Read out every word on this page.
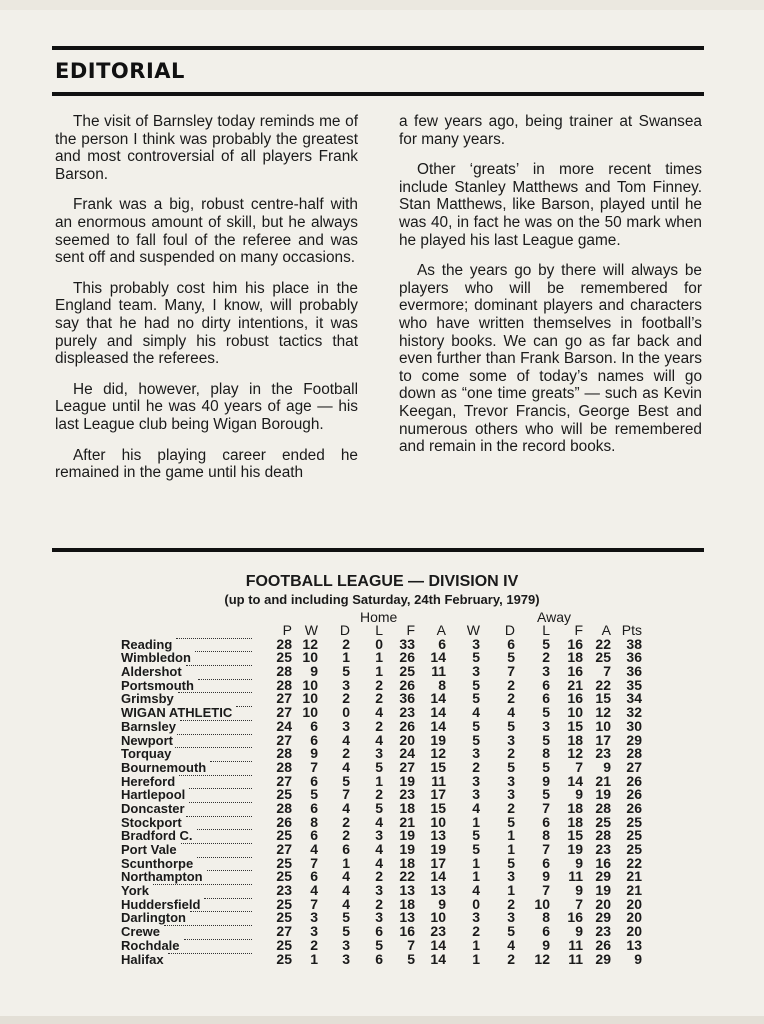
EDITORIAL

The visit of Barnsley today reminds me of the person I think was probably the greatest and most controversial of all players Frank Barson.

Frank was a big, robust centre-half with an enormous amount of skill, but he always seemed to fall foul of the referee and was sent off and suspended on many occasions.

This probably cost him his place in the England team. Many, I know, will probably say that he had no dirty intentions, it was purely and simply his robust tactics that displeased the referees.

He did, however, play in the Football League until he was 40 years of age — his last League club being Wigan Borough.

After his playing career ended he remained in the game until his death

a few years ago, being trainer at Swansea for many years.

Other ‘greats’ in more recent times include Stanley Matthews and Tom Finney. Stan Matthews, like Barson, played until he was 40, in fact he was on the 50 mark when he played his last League game.

As the years go by there will always be players who will be remembered for evermore; dominant players and characters who have written themselves in football’s history books. We can go as far back and even further than Frank Barson. In the years to come some of today’s names will go down as “one time greats” — such as Kevin Keegan, Trevor Francis, George Best and numerous others who will be remembered and remain in the record books.

FOOTBALL LEAGUE — DIVISION IV
(up to and including Saturday, 24th February, 1979)
Home	Away
P W	D	L	F	A W	D	L	F	A Pts
Reading	28 12	2	0	33	6	3	6	5	16 22	38
Wimbledon	25 10	1	1	26	14	5	5	2	18 25	36
Aldershot	28	9	5	1	25	11	3	7	3	16	7	36
Portsmouth	28 10	3	2	26	8	5	2	6	21 22	35
Grimsby	27 10	2	2	36	14	5	2	6	16 15	34
WIGAN ATHLETIC	27 10	0	4	23	14	4	4	5	10 12	32
Barnsley	24	6	3	2	26	14	5	5	3	15 10	30
Newport	27	6	4	4	20	19	5	3	5	18 17	29
Torquay	28	9	2	3	24	12	3	2	8	12 23	28
Bournemouth	28	7	4	5	27	15	2	5	5	7	9	27
Hereford	27	6	5	1	19	11	3	3	9	14 21	26
Hartlepool	25	5	7	2	23	17	3	3	5	9 19	26
Doncaster	28	6	4	5	18	15	4	2	7	18 28	26
Stockport	26	8	2	4	21	10	1	5	6	18 25	25
Bradford C.	25	6	2	3	19	13	5	1	8	15 28	25
Port Vale	27	4	6	4	19	19	5	1	7	19 23	25
Scunthorpe	25	7	1	4	18	17	1	5	6	9 16	22
Northampton	25	6	4	2	22	14	1	3	9	11 29	21
York	23	4	4	3	13	13	4	1	7	9 19	21
Huddersfield	25	7	4	2	18	9	0	2	10	7 20	20
Darlington	25	3	5	3	13	10	3	3	8	16 29	20
Crewe	27	3	5	6	16	23	2	5	6	9 23	20
Rochdale	25	2	3	5	7	14	1	4	9	11 26	13
Halifax	25	1	3	6	5	14	1	2	12	11 29	9
